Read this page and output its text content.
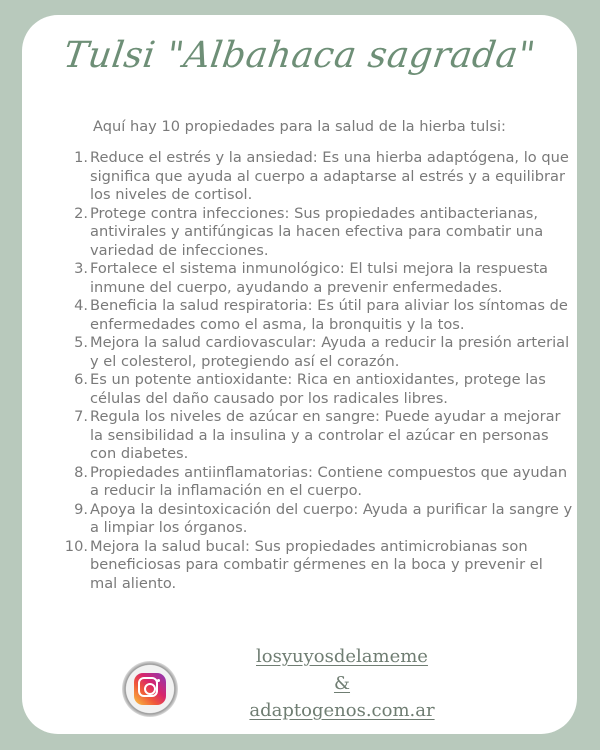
Tulsi "Albahaca sagrada"
Aquí hay 10 propiedades para la salud de la hierba tulsi:
1. Reduce el estrés y la ansiedad: Es una hierba adaptógena, lo que significa que ayuda al cuerpo a adaptarse al estrés y a equilibrar los niveles de cortisol.
2. Protege contra infecciones: Sus propiedades antibacterianas, antivirales y antifúngicas la hacen efectiva para combatir una variedad de infecciones.
3. Fortalece el sistema inmunológico: El tulsi mejora la respuesta inmune del cuerpo, ayudando a prevenir enfermedades.
4. Beneficia la salud respiratoria: Es útil para aliviar los síntomas de enfermedades como el asma, la bronquitis y la tos.
5. Mejora la salud cardiovascular: Ayuda a reducir la presión arterial y el colesterol, protegiendo así el corazón.
6. Es un potente antioxidante: Rica en antioxidantes, protege las células del daño causado por los radicales libres.
7. Regula los niveles de azúcar en sangre: Puede ayudar a mejorar la sensibilidad a la insulina y a controlar el azúcar en personas con diabetes.
8. Propiedades antiinflamatorias: Contiene compuestos que ayudan a reducir la inflamación en el cuerpo.
9. Apoya la desintoxicación del cuerpo: Ayuda a purificar la sangre y a limpiar los órganos.
10. Mejora la salud bucal: Sus propiedades antimicrobianas son beneficiosas para combatir gérmenes en la boca y prevenir el mal aliento.
losyuyosdelameme
&
adaptogenos.com.ar
